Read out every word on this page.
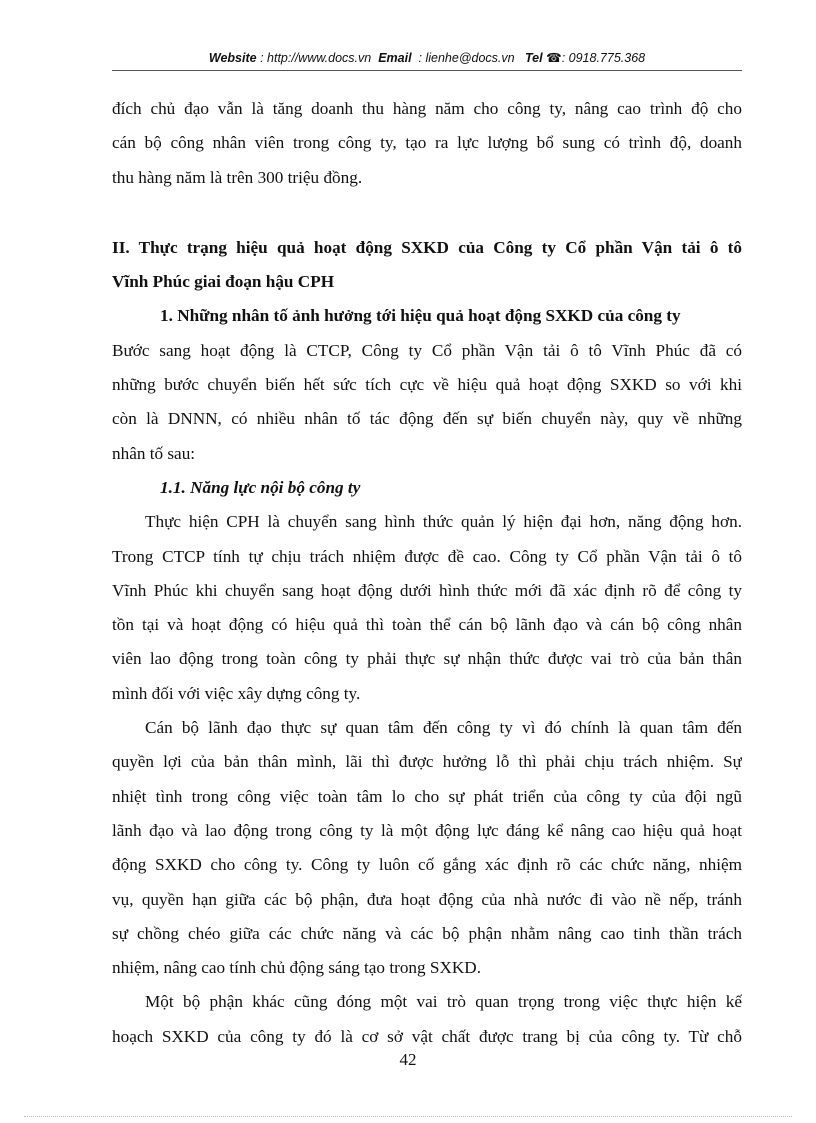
Website : http://www.docs.vn Email : lienhe@docs.vn Tel ☎: 0918.775.368
đích chủ đạo vẫn là tăng doanh thu hàng năm cho công ty, nâng cao trình độ cho
cán bộ công nhân viên trong công ty, tạo ra lực lượng bổ sung có trình độ, doanh
thu hàng năm là trên 300 triệu đồng.
II. Thực trạng hiệu quả hoạt động SXKD của Công ty Cổ phần Vận tải ô tô
Vĩnh Phúc giai đoạn hậu CPH
1. Những nhân tố ảnh hưởng tới hiệu quả hoạt động SXKD của công ty
Bước sang hoạt động là CTCP, Công ty Cổ phần Vận tải ô tô Vĩnh Phúc đã có
những bước chuyển biến hết sức tích cực về hiệu quả hoạt động SXKD so với khi
còn là DNNN, có nhiều nhân tố tác động đến sự biến chuyển này, quy về những
nhân tố sau:
1.1. Năng lực nội bộ công ty
Thực hiện CPH là chuyển sang hình thức quản lý hiện đại hơn, năng động hơn.
Trong CTCP tính tự chịu trách nhiệm được đề cao. Công ty Cổ phần Vận tải ô tô
Vĩnh Phúc khi chuyển sang hoạt động dưới hình thức mới đã xác định rõ để công ty
tồn tại và hoạt động có hiệu quả thì toàn thể cán bộ lãnh đạo và cán bộ công nhân
viên lao động trong toàn công ty phải thực sự nhận thức được vai trò của bản thân
mình đối với việc xây dựng công ty.
Cán bộ lãnh đạo thực sự quan tâm đến công ty vì đó chính là quan tâm đến
quyền lợi của bản thân mình, lãi thì được hưởng lỗ thì phải chịu trách nhiệm. Sự
nhiệt tình trong công việc toàn tâm lo cho sự phát triển của công ty của đội ngũ
lãnh đạo và lao động trong công ty là một động lực đáng kể nâng cao hiệu quả hoạt
động SXKD cho công ty. Công ty luôn cố gắng xác định rõ các chức năng, nhiệm
vụ, quyền hạn giữa các bộ phận, đưa hoạt động của nhà nước đi vào nề nếp, tránh
sự chồng chéo giữa các chức năng và các bộ phận nhằm nâng cao tinh thần trách
nhiệm, nâng cao tính chủ động sáng tạo trong SXKD.
Một bộ phận khác cũng đóng một vai trò quan trọng trong việc thực hiện kế
hoạch SXKD của công ty đó là cơ sở vật chất được trang bị của công ty. Từ chỗ
42
